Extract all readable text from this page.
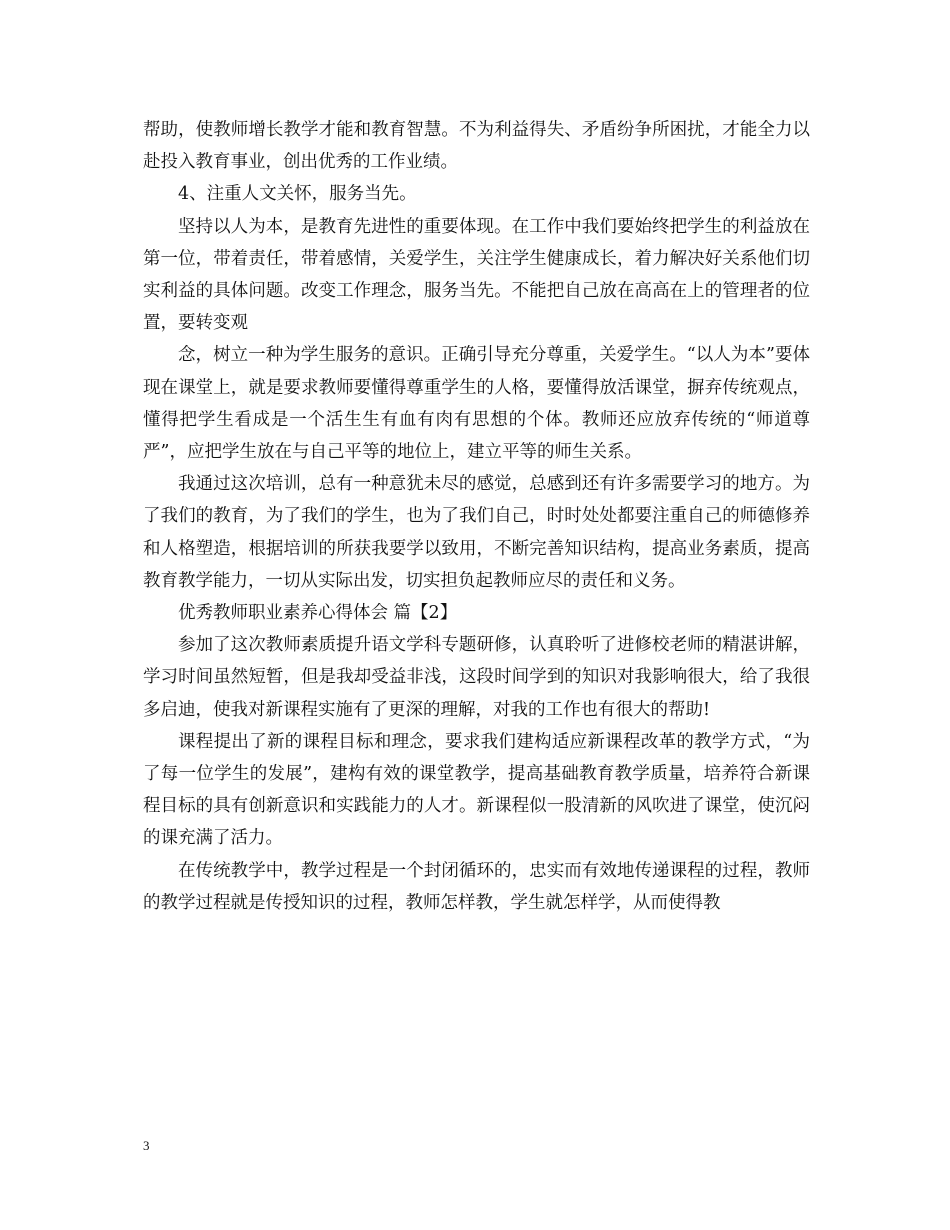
帮助，使教师增长教学才能和教育智慧。不为利益得失、矛盾纷争所困扰，才能全力以赴投入教育事业，创出优秀的工作业绩。

4、注重人文关怀，服务当先。

坚持以人为本，是教育先进性的重要体现。在工作中我们要始终把学生的利益放在第一位，带着责任，带着感情，关爱学生，关注学生健康成长，着力解决好关系他们切实利益的具体问题。改变工作理念，服务当先。不能把自己放在高高在上的管理者的位置，要转变观

念，树立一种为学生服务的意识。正确引导充分尊重，关爱学生。“以人为本”要体现在课堂上，就是要求教师要懂得尊重学生的人格，要懂得放活课堂，摒弃传统观点，懂得把学生看成是一个活生生有血有肉有思想的个体。教师还应放弃传统的“师道尊严”，应把学生放在与自己平等的地位上，建立平等的师生关系。

我通过这次培训，总有一种意犹未尽的感觉，总感到还有许多需要学习的地方。为了我们的教育，为了我们的学生，也为了我们自己，时时处处都要注重自己的师德修养和人格塑造，根据培训的所获我要学以致用，不断完善知识结构，提高业务素质，提高教育教学能力，一切从实际出发，切实担负起教师应尽的责任和义务。

优秀教师职业素养心得体会 篇【2】

参加了这次教师素质提升语文学科专题研修，认真聆听了进修校老师的精湛讲解，学习时间虽然短暂，但是我却受益非浅，这段时间学到的知识对我影响很大，给了我很多启迪，使我对新课程实施有了更深的理解，对我的工作也有很大的帮助!

课程提出了新的课程目标和理念，要求我们建构适应新课程改革的教学方式，“为了每一位学生的发展”，建构有效的课堂教学，提高基础教育教学质量，培养符合新课程目标的具有创新意识和实践能力的人才。新课程似一股清新的风吹进了课堂，使沉闷的课充满了活力。

在传统教学中，教学过程是一个封闭循环的，忠实而有效地传递课程的过程，教师的教学过程就是传授知识的过程，教师怎样教，学生就怎样学，从而使得教

3
